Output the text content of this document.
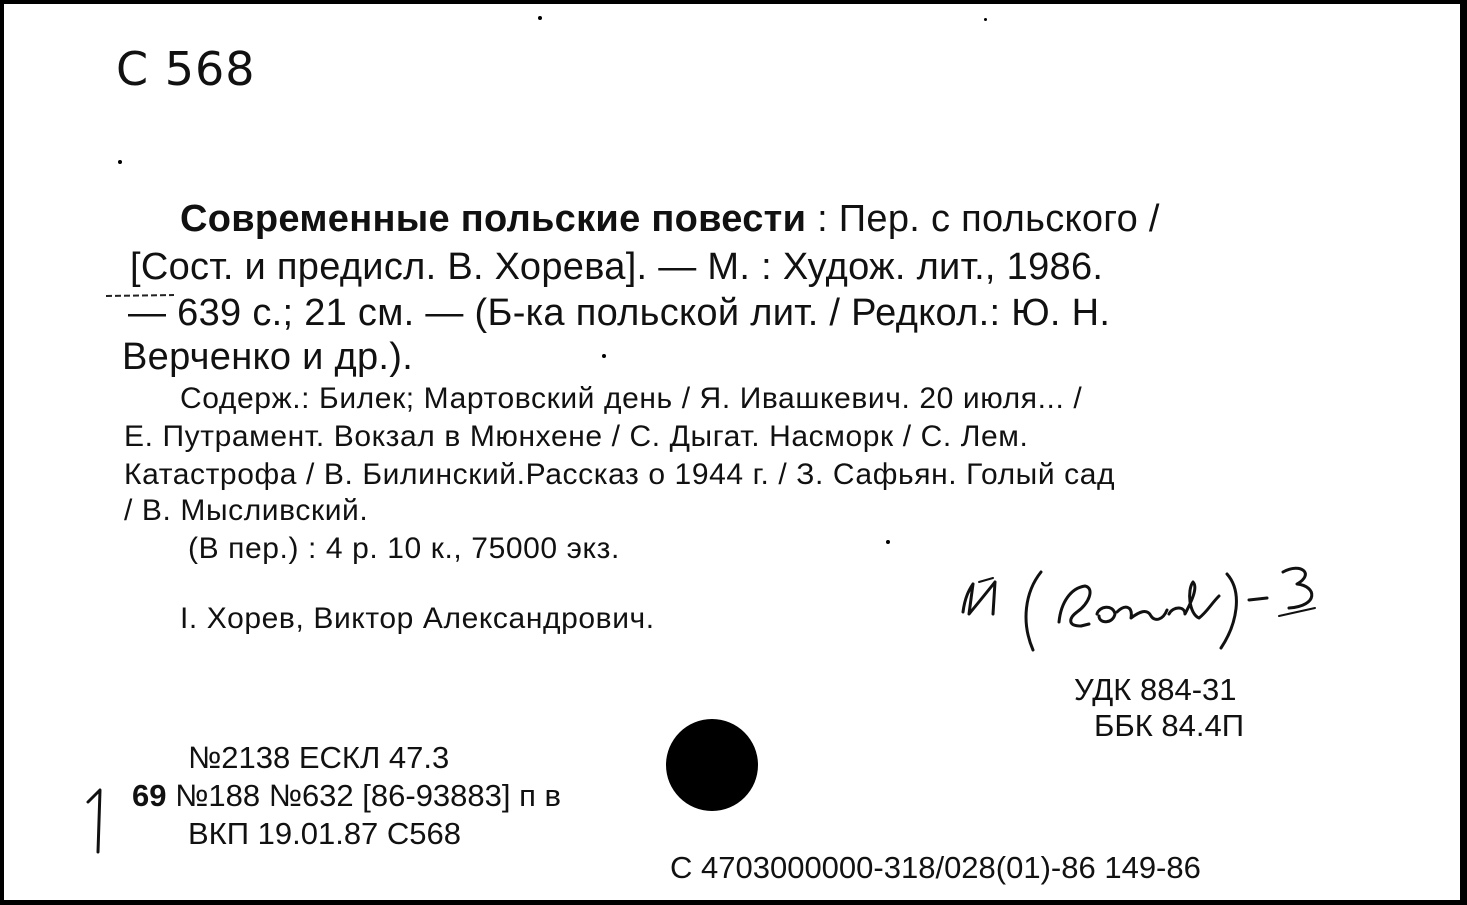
С 568
Современные польские повести : Пер. с польского /
[Сост. и предисл. В. Хорева]. — М. : Худож. лит., 1986.
— 639 с.; 21 см. — (Б-ка польской лит. / Редкол.: Ю. Н.
Верченко и др.).
Содерж.: Билек; Мартовский день / Я. Ивашкевич. 20 июля... /
Е. Путрамент. Вокзал в Мюнхене / С. Дыгат. Насморк / С. Лем.
Катастрофа / В. Билинский.Рассказ о 1944 г. / З. Сафьян. Голый сад
/ В. Мысливский.
(В пер.) : 4 р. 10 к., 75000 экз.
I. Хорев, Виктор Александрович.
УДК 884-31
ББК 84.4П
№2138 ЕСКЛ 47.3
69 №188 №632 [86-93883] п в
ВКП 19.01.87 С568
С 4703000000-318/028(01)-86 149-86
